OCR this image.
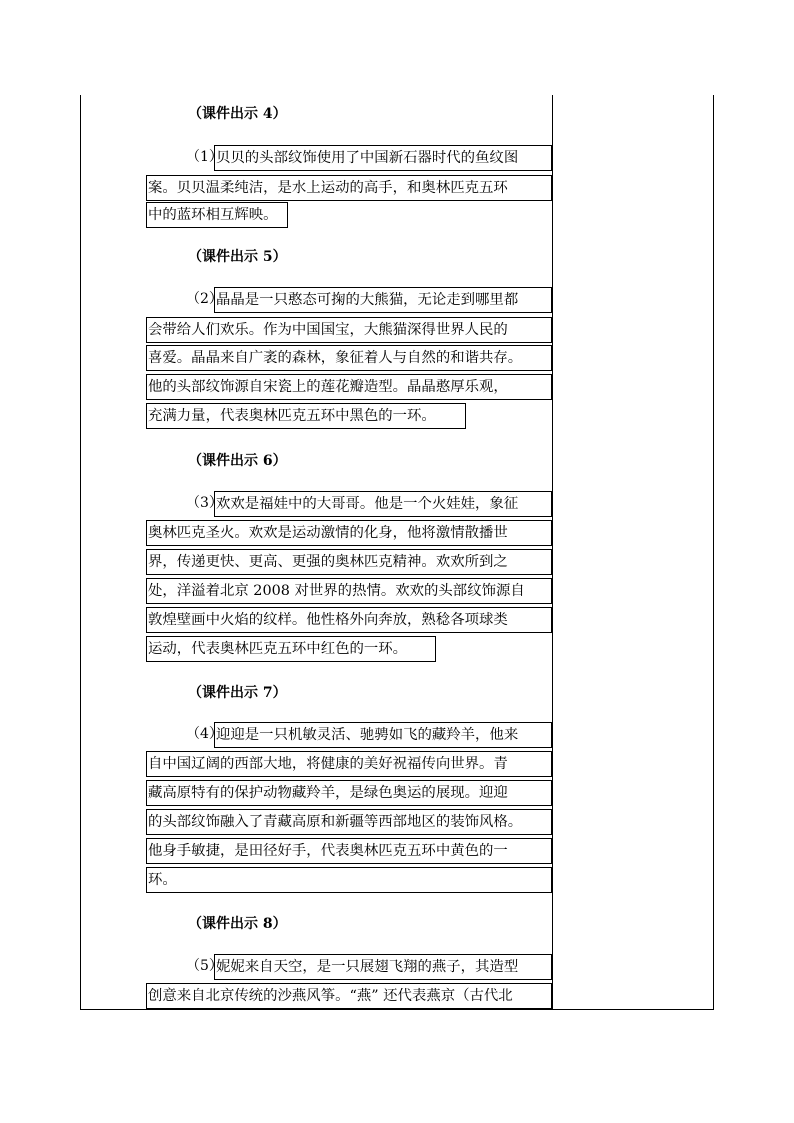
（课件出示 4）
（1）
贝贝的头部纹饰使用了中国新石器时代的鱼纹图
案。贝贝温柔纯洁，是水上运动的高手，和奥林匹克五环
中的蓝环相互辉映。
（课件出示 5）
（2）
晶晶是一只憨态可掬的大熊猫，无论走到哪里都
会带给人们欢乐。作为中国国宝，大熊猫深得世界人民的
喜爱。晶晶来自广袤的森林，象征着人与自然的和谐共存。
他的头部纹饰源自宋瓷上的莲花瓣造型。晶晶憨厚乐观，
充满力量，代表奥林匹克五环中黑色的一环。
（课件出示 6）
（3）
欢欢是福娃中的大哥哥。他是一个火娃娃，象征
奥林匹克圣火。欢欢是运动激情的化身，他将激情散播世
界，传递更快、更高、更强的奥林匹克精神。欢欢所到之
处，洋溢着北京 2008 对世界的热情。欢欢的头部纹饰源自
敦煌壁画中火焰的纹样。他性格外向奔放，熟稔各项球类
运动，代表奥林匹克五环中红色的一环。
（课件出示 7）
（4）
迎迎是一只机敏灵活、驰骋如飞的藏羚羊，他来
自中国辽阔的西部大地，将健康的美好祝福传向世界。青
藏高原特有的保护动物藏羚羊，是绿色奥运的展现。迎迎
的头部纹饰融入了青藏高原和新疆等西部地区的装饰风格。
他身手敏捷，是田径好手，代表奥林匹克五环中黄色的一
环。
（课件出示 8）
（5）
妮妮来自天空，是一只展翅飞翔的燕子，其造型
创意来自北京传统的沙燕风筝。“燕” 还代表燕京（古代北
